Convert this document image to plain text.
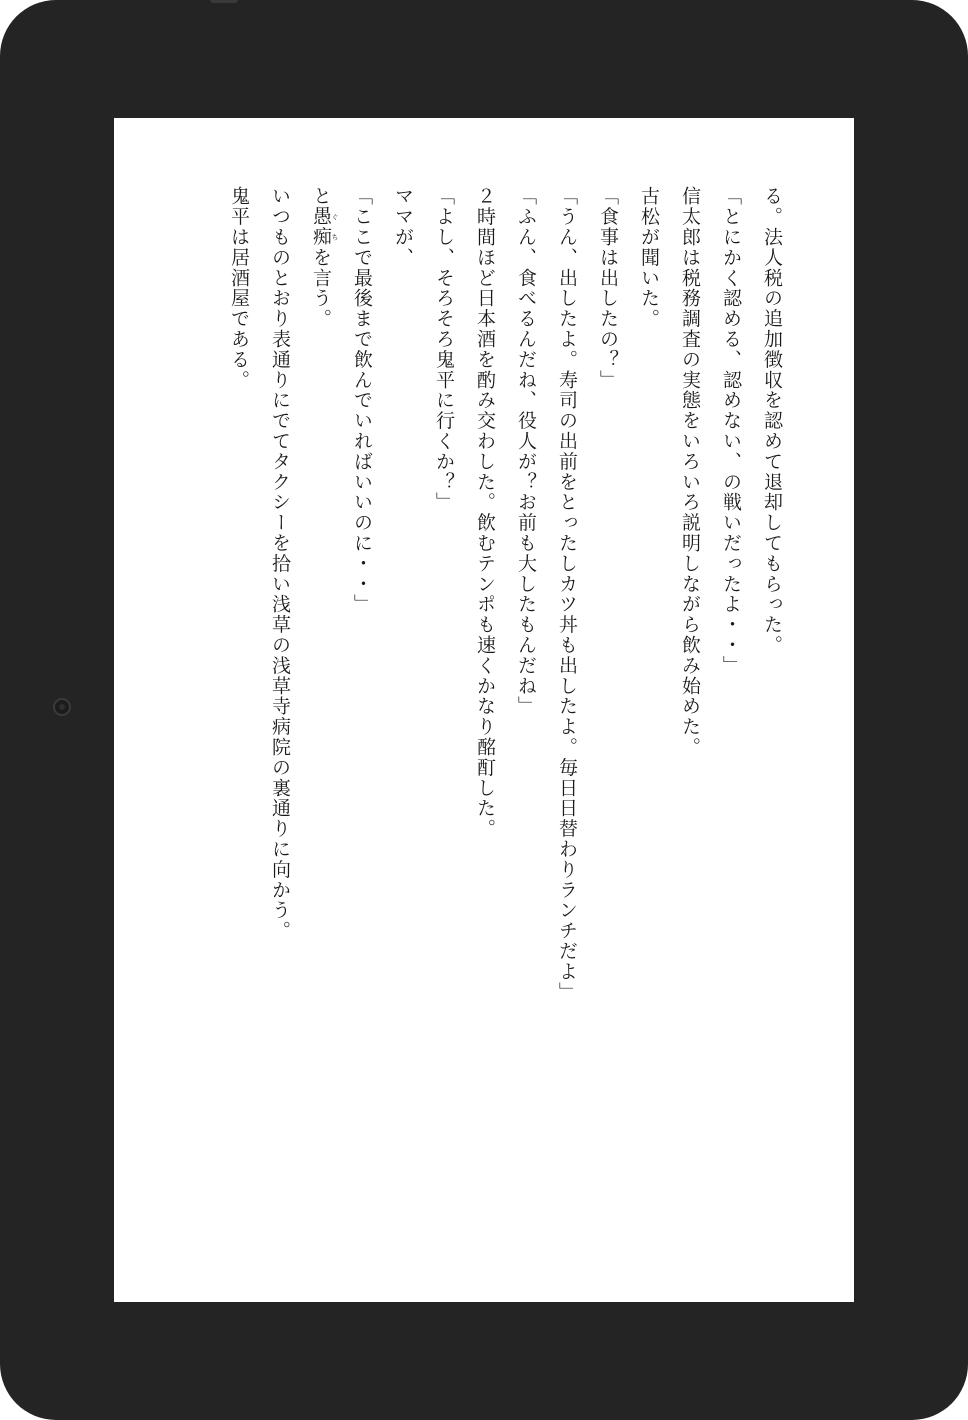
る。法人税の追加徴収を認めて退却してもらった。
「とにかく認める、認めない、の戦いだったよ・・」
信太郎は税務調査の実態をいろいろ説明しながら飲み始めた。
古松が聞いた。
「食事は出したの？」
「うん、出したよ。寿司の出前をとったしカツ丼も出したよ。毎日日替わりランチだよ」
「ふん、食べるんだね、役人が？お前も大したもんだね」
２時間ほど日本酒を酌み交わした。飲むテンポも速くかなり酩酊した。
「よし、そろそろ鬼平に行くか？」
ママが、
「ここで最後まで飲んでいればいいのに・・」
と愚痴 ぐちを言う。
いつものとおり表通りにでてタクシーを拾い浅草の浅草寺病院の裏通りに向かう。
鬼平は居酒屋である。
